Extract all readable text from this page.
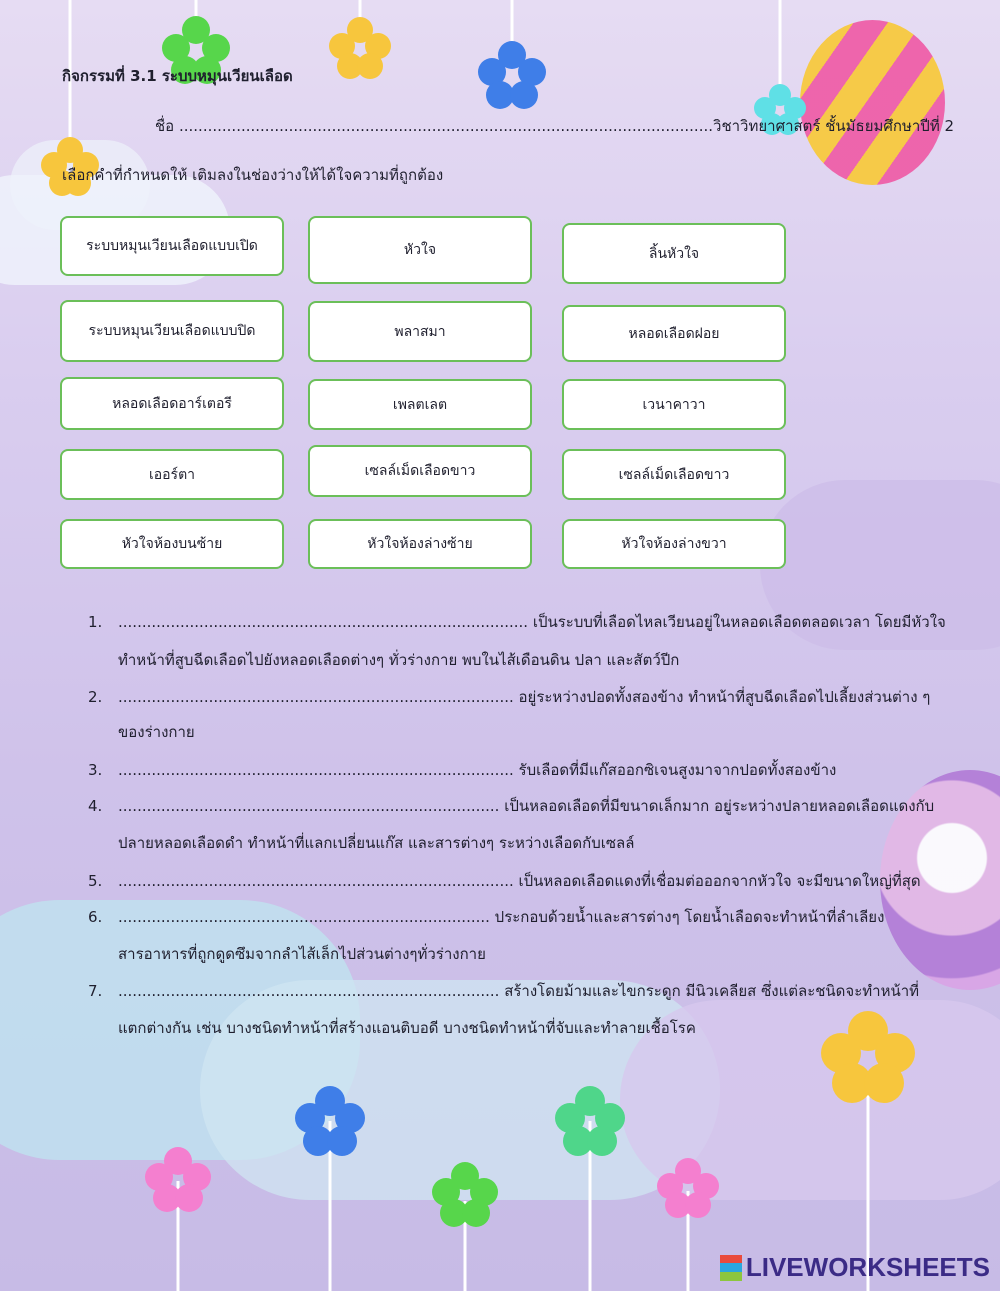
กิจกรรมที่ 3.1 ระบบหมุนเวียนเลือด
ชื่อ ................................................................................................................วิชาวิทยาศาสตร์ ชั้นมัธยมศึกษาปีที่ 2
เลือกคำที่กำหนดให้ เติมลงในช่องว่างให้ได้ใจความที่ถูกต้อง
ระบบหมุนเวียนเลือดแบบเปิด	หัวใจ	ลิ้นหัวใจ
ระบบหมุนเวียนเลือดแบบปิด	พลาสมา	หลอดเลือดฝอย
หลอดเลือดอาร์เตอรี	เพลตเลต	เวนาคาวา
เออร์ตา	เซลล์เม็ดเลือดขาว	เซลล์เม็ดเลือดขาว
หัวใจห้องบนซ้าย	หัวใจห้องล่างซ้าย	หัวใจห้องล่างขวา
1. ...................................................................................... เป็นระบบที่เลือดไหลเวียนอยู่ในหลอดเลือดตลอดเวลา โดยมีหัวใจ
ทำหน้าที่สูบฉีดเลือดไปยังหลอดเลือดต่างๆ ทั่วร่างกาย พบในไส้เดือนดิน ปลา และสัตว์ปีก
2. ................................................................................... อยู่ระหว่างปอดทั้งสองข้าง ทำหน้าที่สูบฉีดเลือดไปเลี้ยงส่วนต่าง ๆ
ของร่างกาย
3. ................................................................................... รับเลือดที่มีแก๊สออกซิเจนสูงมาจากปอดทั้งสองข้าง
4. ................................................................................ เป็นหลอดเลือดที่มีขนาดเล็กมาก อยู่ระหว่างปลายหลอดเลือดแดงกับ
ปลายหลอดเลือดดำ ทำหน้าที่แลกเปลี่ยนแก๊ส และสารต่างๆ ระหว่างเลือดกับเซลล์
5. ................................................................................... เป็นหลอดเลือดแดงที่เชื่อมต่อออกจากหัวใจ จะมีขนาดใหญ่ที่สุด
6. .............................................................................. ประกอบด้วยน้ำและสารต่างๆ โดยน้ำเลือดจะทำหน้าที่ลำเลียง
สารอาหารที่ถูกดูดซึมจากลำไส้เล็กไปส่วนต่างๆทั่วร่างกาย
7. ................................................................................ สร้างโดยม้ามและไขกระดูก มีนิวเคลียส ซึ่งแต่ละชนิดจะทำหน้าที่
แตกต่างกัน เช่น บางชนิดทำหน้าที่สร้างแอนติบอดี บางชนิดทำหน้าที่จับและทำลายเชื้อโรค
LIVEWORKSHEETS
